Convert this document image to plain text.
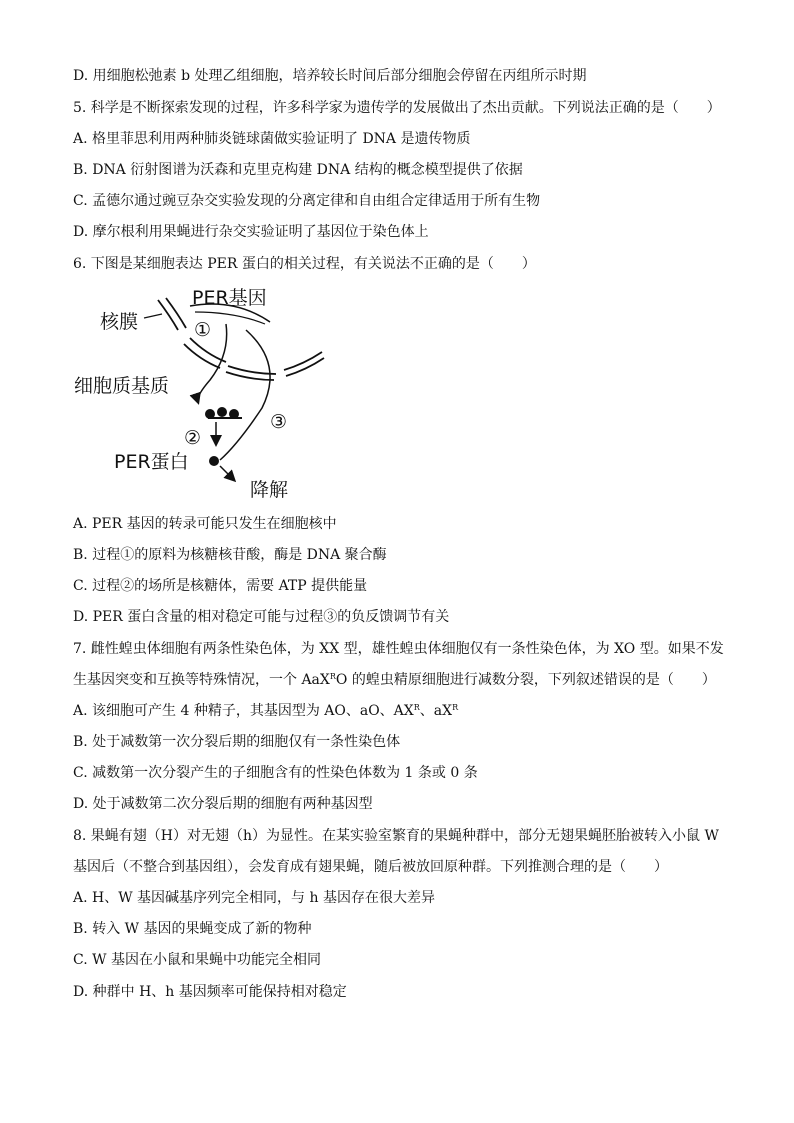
D. 用细胞松弛素 b 处理乙组细胞，培养较长时间后部分细胞会停留在丙组所示时期
5. 科学是不断探索发现的过程，许多科学家为遗传学的发展做出了杰出贡献。下列说法正确的是（　　）
A. 格里菲思利用两种肺炎链球菌做实验证明了 DNA 是遗传物质
B. DNA 衍射图谱为沃森和克里克构建 DNA 结构的概念模型提供了依据
C. 孟德尔通过豌豆杂交实验发现的分离定律和自由组合定律适用于所有生物
D. 摩尔根利用果蝇进行杂交实验证明了基因位于染色体上
6. 下图是某细胞表达 PER 蛋白的相关过程，有关说法不正确的是（　　）
PER基因
核膜	①
细胞质基质
③
②
PER蛋白
降解
A. PER 基因的转录可能只发生在细胞核中
B. 过程①的原料为核糖核苷酸，酶是 DNA 聚合酶
C. 过程②的场所是核糖体，需要 ATP 提供能量
D. PER 蛋白含量的相对稳定可能与过程③的负反馈调节有关
7. 雌性蝗虫体细胞有两条性染色体，为 XX 型，雄性蝗虫体细胞仅有一条性染色体，为 XO 型。如果不发
生基因突变和互换等特殊情况，一个 AaX$^R$O 的蝗虫精原细胞进行减数分裂，下列叙述错误的是（　　）
A. 该细胞可产生 4 种精子，其基因型为 AO、aO、$AX^R$、$aX^R$
B. 处于减数第一次分裂后期的细胞仅有一条性染色体
C. 减数第一次分裂产生的子细胞含有的性染色体数为 1 条或 0 条
D. 处于减数第二次分裂后期的细胞有两种基因型
8. 果蝇有翅（H）对无翅（h）为显性。在某实验室繁育的果蝇种群中，部分无翅果蝇胚胎被转入小鼠 W
基因后（不整合到基因组），会发育成有翅果蝇，随后被放回原种群。下列推测合理的是（　　）
A. H、W 基因碱基序列完全相同，与 h 基因存在很大差异
B. 转入 W 基因的果蝇变成了新的物种
C. W 基因在小鼠和果蝇中功能完全相同
D. 种群中 H、h 基因频率可能保持相对稳定
